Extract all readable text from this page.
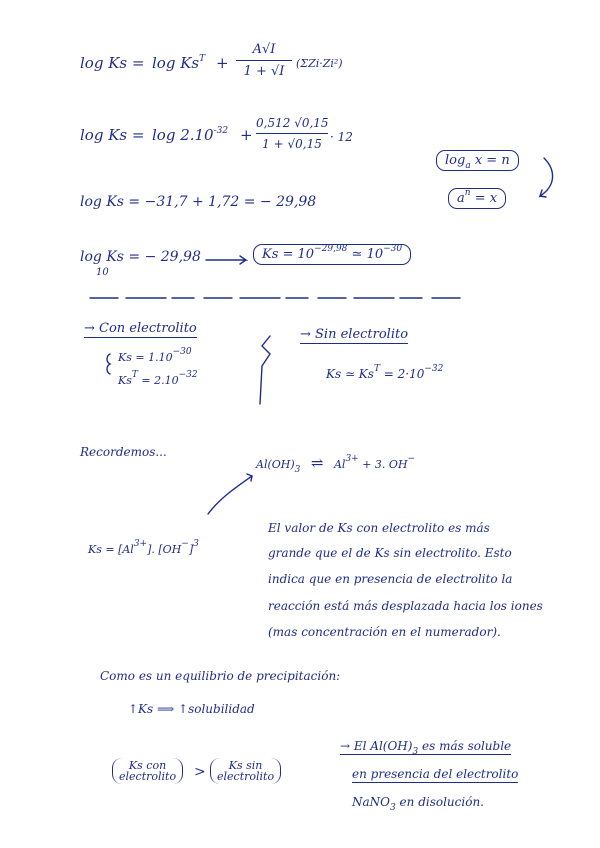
$\log Ks = \log Ks^T$ +
A√I
1 + √I
(ΣZi·Zi²)
$\log Ks = \log 2.10^{-32}$ +
0,512 √0,15
1 + √0,15 · 12
log Ks = −31,7 + 1,72 = − 29,98
log Ks = − 29,98
10
$Ks = 10^{-29,98}$ ≃ $10^{-30}$
$\log_a x = n$
$a^n = x$
→ Con electrolito
$Ks = 1.10^{-30}$
$Ks^T = 2.10^{-32}$
→ Sin electrolito
Ks ≃ $Ks^T = 2\cdot 10^{-32}$
Recordemos...
$Al(OH)_3$ ⇌ $Al^{3+} + 3$. OH−
$Ks = [Al^{3+}]$. $[OH^-]^3$
El valor de Ks con electrolito es más
grande que el de Ks sin electrolito. Esto
indica que en presencia de electrolito la
reacción está más desplazada hacia los iones
(mas concentración en el numerador).
Como es un equilibrio de precipitación:
↑Ks ⟹ ↑solubilidad
Ks con
electrolito	>	Ks sin
electrolito
→ El $Al(OH)_3$ es más soluble
en presencia del electrolito
NaNO$_3$ en disolución.
